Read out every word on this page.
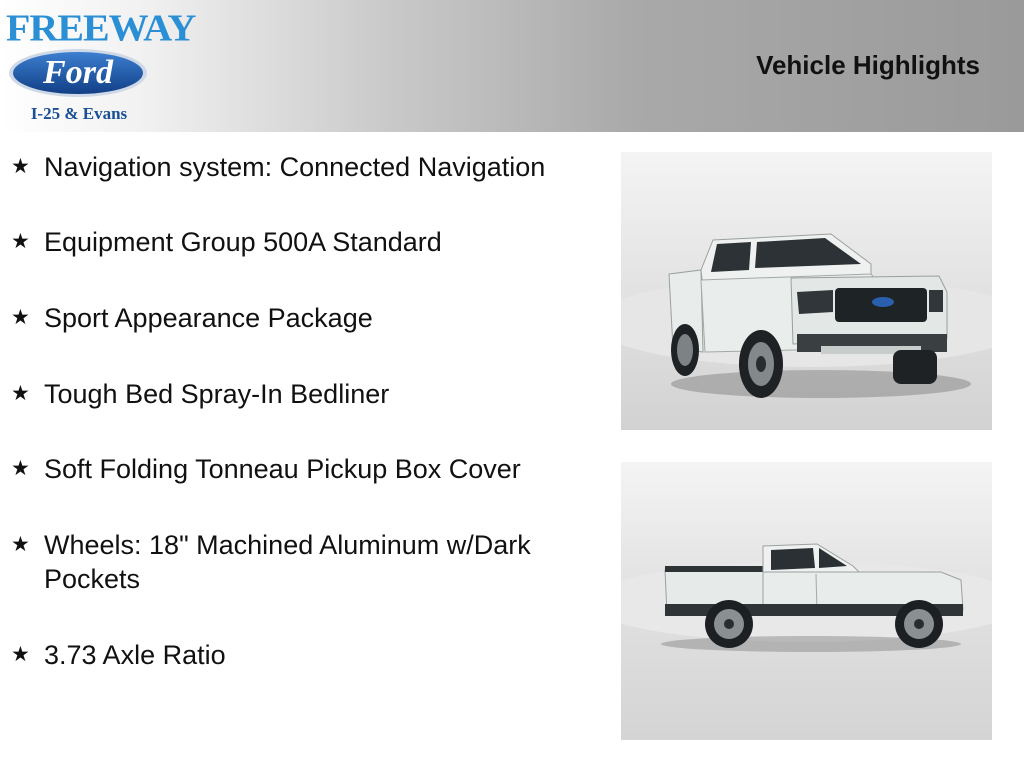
FREEWAY
Ford
I-25 & Evans
Vehicle Highlights
★ Navigation system: Connected Navigation
★ Equipment Group 500A Standard
★ Sport Appearance Package
★ Tough Bed Spray-In Bedliner
★ Soft Folding Tonneau Pickup Box Cover
★ Wheels: 18" Machined Aluminum w/Dark Pockets
★ 3.73 Axle Ratio
